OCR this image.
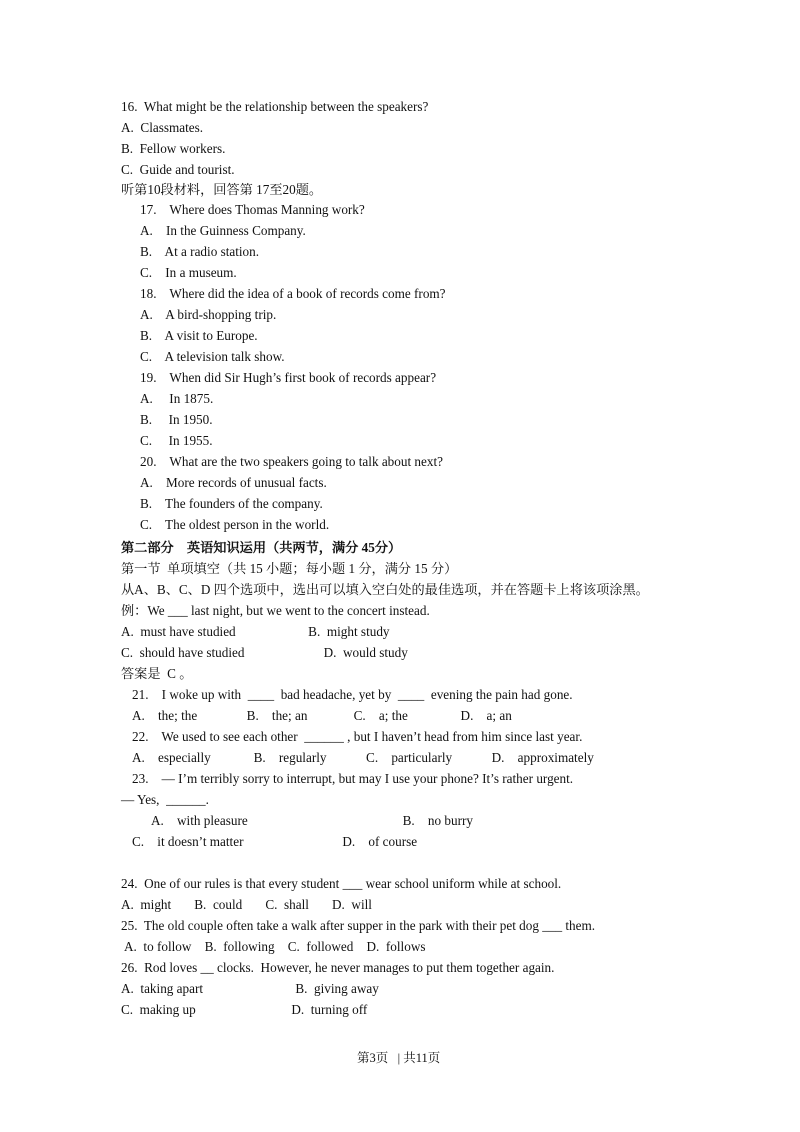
16.  What might be the relationship between the speakers?
A.  Classmates.
B.  Fellow workers.
C.  Guide and tourist.
听第10段材料，回答第 17至20题。
17.    Where does Thomas Manning work?
A.    In the Guinness Company.
B.    At a radio station.
C.    In a museum.
18.    Where did the idea of a book of records come from?
A.    A bird-shopping trip.
B.    A visit to Europe.
C.    A television talk show.
19.    When did Sir Hugh’s first book of records appear?
A.     In 1875.
B.     In 1950.
C.     In 1955.
20.    What are the two speakers going to talk about next?
A.    More records of unusual facts.
B.    The founders of the company.
C.    The oldest person in the world.
第二部分    英语知识运用（共两节，满分 45分）
第一节  单项填空（共 15 小题；每小题 1 分，满分 15 分）
从A、B、C、D 四个选项中，选出可以填入空白处的最佳选项，并在答题卡上将该项涂黑。
例：We ___ last night, but we went to the concert instead.
A.  must have studied                      B.  might study
C.  should have studied                        D.  would study
答案是  C 。
21.    I woke up with  ____  bad headache, yet by  ____  evening the pain had gone.
A.    the; the               B.    the; an              C.    a; the                D.    a; an
22.    We used to see each other  ______ , but I haven’t head from him since last year.
A.    especially             B.    regularly            C.    particularly            D.    approximately
23.    — I’m terribly sorry to interrupt, but may I use your phone? It’s rather urgent.
— Yes,  ______.
A.    with pleasure                                               B.    no burry
C.    it doesn’t matter                              D.    of course
24.  One of our rules is that every student ___ wear school uniform while at school.
A.  might       B.  could       C.  shall       D.  will
25.  The old couple often take a walk after supper in the park with their pet dog ___ them.
A.  to follow    B.  following    C.  followed    D.  follows
26.  Rod loves __ clocks.  However, he never manages to put them together again.
A.  taking apart                            B.  giving away
C.  making up                             D.  turning off
第3页   | 共11页
